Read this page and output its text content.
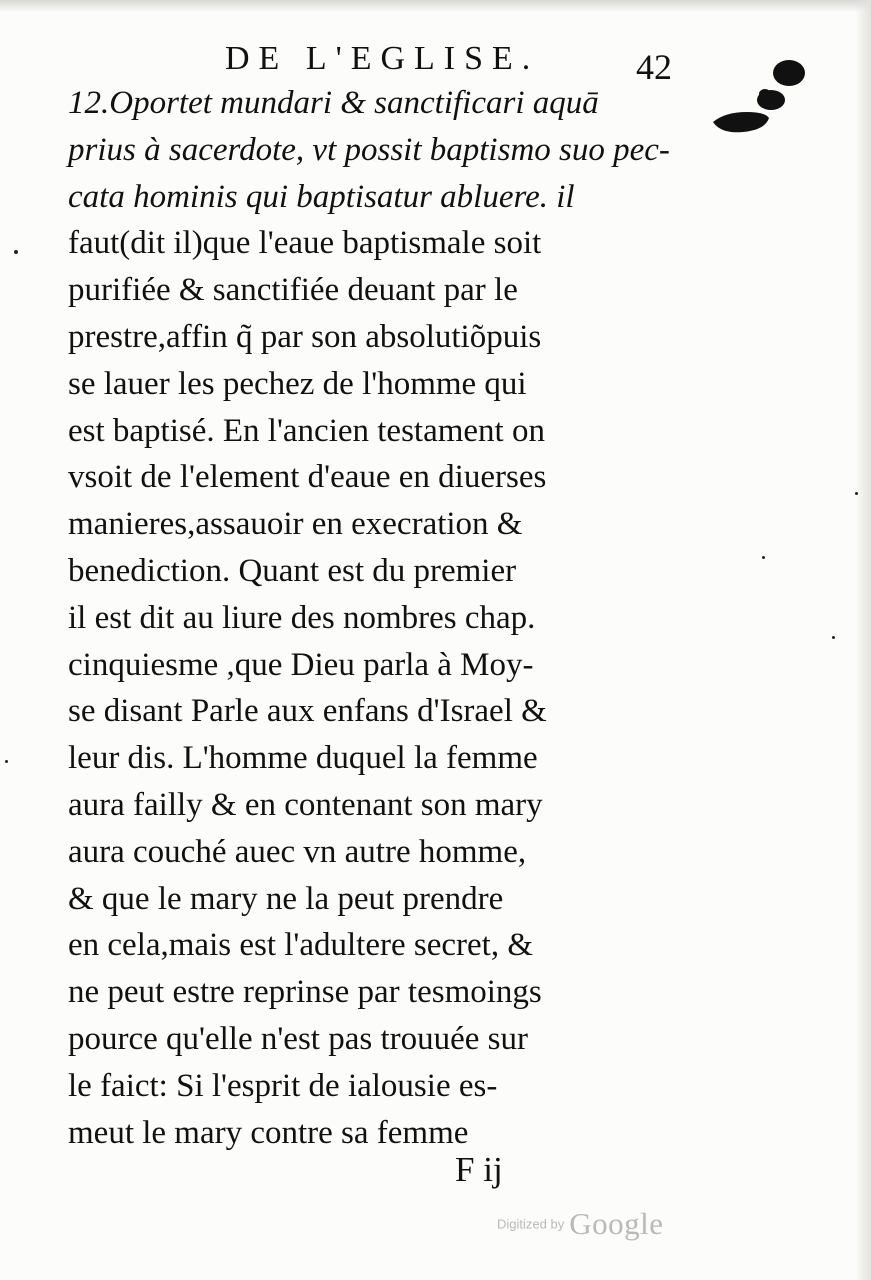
DE L'EGLISE.	42
12.Oportet mundari & sanctificari aquā
prius à sacerdote, vt possit baptismo suo pec-
cata hominis qui baptisatur abluere. il
faut(dit il)que l'eaue baptismale soit
purifiée & sanctifiée deuant par le
prestre,affin q̃ par son absolutiõpuis
se lauer les pechez de l'homme qui
est baptisé. En l'ancien testament on
vsoit de l'element d'eaue en diuerses
manieres,assauoir en execration &
benediction. Quant est du premier
il est dit au liure des nombres chap.
cinquiesme ,que Dieu parla à Moy-
se disant Parle aux enfans d'Israel &
leur dis. L'homme duquel la femme
aura failly & en contenant son mary
aura couché auec vn autre homme,
& que le mary ne la peut prendre
en cela,mais est l'adultere secret, &
ne peut estre reprinse par tesmoings
pource qu'elle n'est pas trouuée sur
le faict: Si l'esprit de ialousie es-
meut le mary contre sa femme
F ij
Digitized by Google
